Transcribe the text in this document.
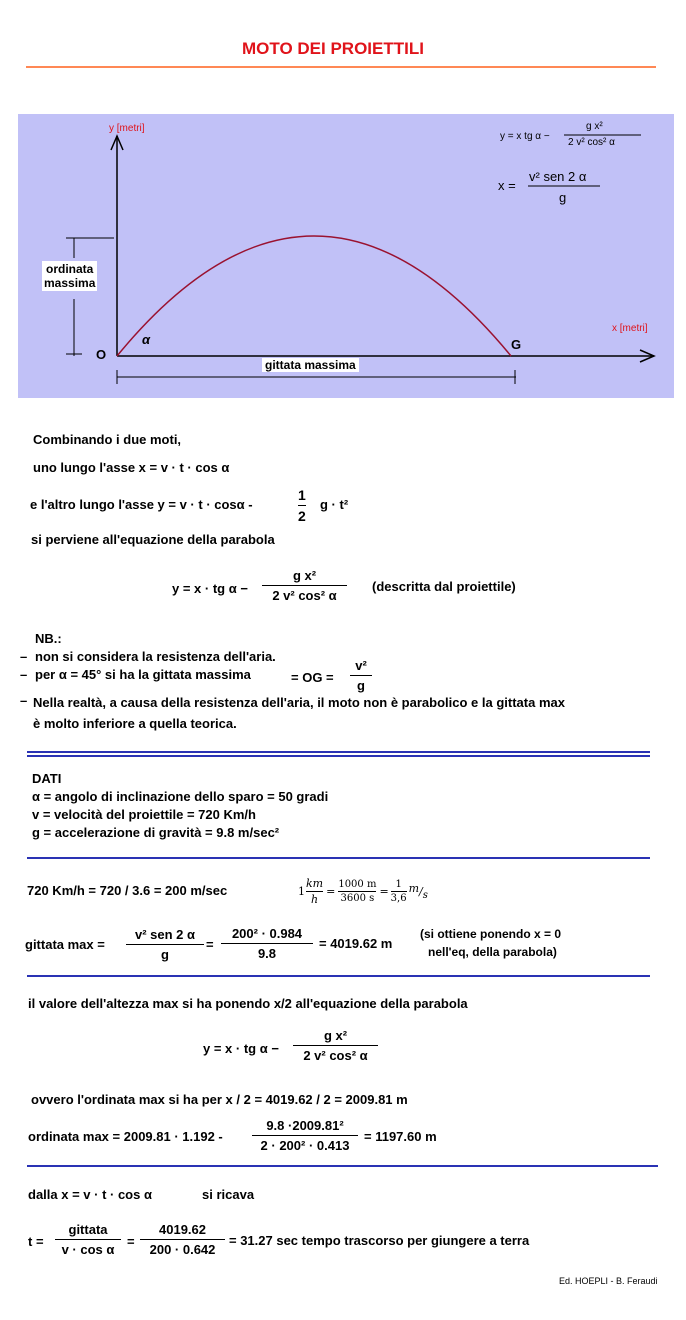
MOTO DEI PROIETTILI
y [metri]
x [metri]
O
G
α
ordinata
massima
gittata massima
y = x tg α −
g x²
2 v² cos² α
x =
v² sen 2 α
g
Combinando i due moti,
uno lungo l'asse x = v · t · cos α
e l'altro lungo l'asse y = v · t · cosα -
1
2
g · t²
si perviene all'equazione della parabola
y = x · tg α −
g x²
2 v² cos² α
(descritta dal proiettile)
NB.:
– non si considera la resistenza dell'aria.
– per α = 45° si ha la gittata massima	= OG =
v²
g
– Nella realtà, a causa della resistenza dell'aria, il moto non è parabolico e la gittata max
è molto inferiore a quella teorica.
DATI
α = angolo di inclinazione dello sparo = 50 gradi
v = velocità del proiettile = 720 Km/h
g = accelerazione di gravità = 9.8 m/sec²
720 Km/h = 720 / 3.6 = 200 m/sec	$1 \frac{km}{h} = \frac{1000 m}{3600 s} = \frac{1}{3,6} m/s$
gittata max =
v² sen 2 α
g
=
200² · 0.984
9.8
= 4019.62 m
(si ottiene ponendo x = 0
nell'eq, della parabola)
il valore dell'altezza max si ha ponendo x/2 all'equazione della parabola
y = x · tg α −
g x²
2 v² cos² α
ovvero l'ordinata max si ha per x / 2 = 4019.62 / 2 = 2009.81 m
ordinata max = 2009.81 · 1.192 -
9.8 ·2009.81²
2 · 200² · 0.413
= 1197.60 m
dalla x = v · t · cos α	si ricava
t =
gittata
v · cos α
=
4019.62
200 · 0.642
= 31.27 sec tempo trascorso per giungere a terra
Ed. HOEPLI - B. Feraudi
